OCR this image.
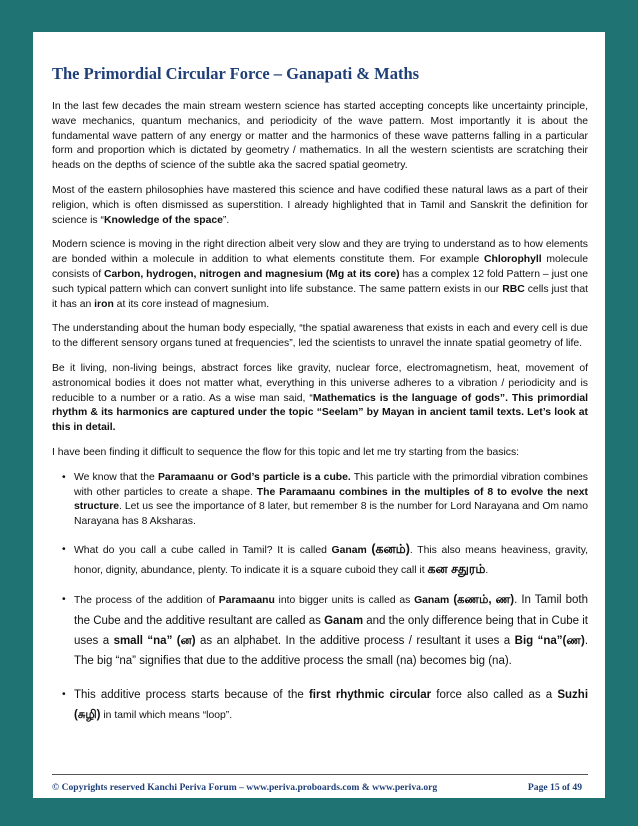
The Primordial Circular Force – Ganapati & Maths

In the last few decades the main stream western science has started accepting concepts like uncertainty principle, wave mechanics, quantum mechanics, and periodicity of the wave pattern. Most importantly it is about the fundamental wave pattern of any energy or matter and the harmonics of these wave patterns falling in a particular form and proportion which is dictated by geometry / mathematics. In all the western scientists are scratching their heads on the depths of science of the subtle aka the sacred spatial geometry.

Most of the eastern philosophies have mastered this science and have codified these natural laws as a part of their religion, which is often dismissed as superstition. I already highlighted that in Tamil and Sanskrit the definition for science is “Knowledge of the space”.

Modern science is moving in the right direction albeit very slow and they are trying to understand as to how elements are bonded within a molecule in addition to what elements constitute them. For example Chlorophyll molecule consists of Carbon, hydrogen, nitrogen and magnesium (Mg at its core) has a complex 12 fold Pattern – just one such typical pattern which can convert sunlight into life substance. The same pattern exists in our RBC cells just that it has an iron at its core instead of magnesium.

The understanding about the human body especially, “the spatial awareness that exists in each and every cell is due to the different sensory organs tuned at frequencies”, led the scientists to unravel the innate spatial geometry of life.

Be it living, non-living beings, abstract forces like gravity, nuclear force, electromagnetism, heat, movement of astronomical bodies it does not matter what, everything in this universe adheres to a vibration / periodicity and is reducible to a number or a ratio. As a wise man said, “Mathematics is the language of gods”. This primordial rhythm & its harmonics are captured under the topic “Seelam” by Mayan in ancient tamil texts. Let’s look at this in detail.

I have been finding it difficult to sequence the flow for this topic and let me try starting from the basics:

• We know that the Paramaanu or God’s particle is a cube. This particle with the primordial vibration combines with other particles to create a shape. The Paramaanu combines in the multiples of 8 to evolve the next structure. Let us see the importance of 8 later, but remember 8 is the number for Lord Narayana and Om namo Narayana has 8 Aksharas.
• What do you call a cube called in Tamil? It is called Ganam (கனம்). This also means heaviness, gravity, honor, dignity, abundance, plenty. To indicate it is a square cuboid they call it கன சதுரம்.
• The process of the addition of Paramaanu into bigger units is called as Ganam (கணம், ண). In Tamil both the Cube and the additive resultant are called as Ganam and the only difference being that in Cube it uses a small “na” (ன) as an alphabet. In the additive process / resultant it uses a Big “na”(ண). The big “na” signifies that due to the additive process the small (na) becomes big (na).
• This additive process starts because of the first rhythmic circular force also called as a Suzhi (சுழி) in tamil which means “loop”.
© Copyrights reserved Kanchi Periva Forum – www.periva.proboards.com & www.periva.org	Page 15 of 49
